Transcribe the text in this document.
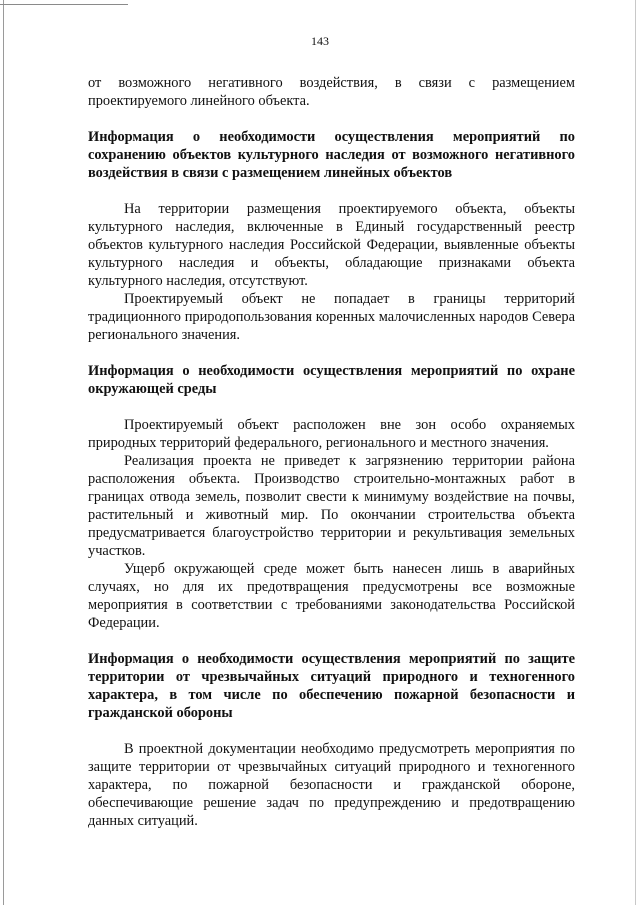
143

от возможного негативного воздействия, в связи с размещением проектируемого линейного объекта.

Информация о необходимости осуществления мероприятий по сохранению объектов культурного наследия от возможного негативного воздействия в связи с размещением линейных объектов

На территории размещения проектируемого объекта, объекты культурного наследия, включенные в Единый государственный реестр объектов культурного наследия Российской Федерации, выявленные объекты культурного наследия и объекты, обладающие признаками объекта культурного наследия, отсутствуют.

Проектируемый объект не попадает в границы территорий традиционного природопользования коренных малочисленных народов Севера регионального значения.

Информация о необходимости осуществления мероприятий по охране окружающей среды

Проектируемый объект расположен вне зон особо охраняемых природных территорий федерального, регионального и местного значения.

Реализация проекта не приведет к загрязнению территории района расположения объекта. Производство строительно-монтажных работ в границах отвода земель, позволит свести к минимуму воздействие на почвы, растительный и животный мир. По окончании строительства объекта предусматривается благоустройство территории и рекультивация земельных участков.

Ущерб окружающей среде может быть нанесен лишь в аварийных случаях, но для их предотвращения предусмотрены все возможные мероприятия в соответствии с требованиями законодательства Российской Федерации.

Информация о необходимости осуществления мероприятий по защите территории от чрезвычайных ситуаций природного и техногенного характера, в том числе по обеспечению пожарной безопасности и гражданской обороны

В проектной документации необходимо предусмотреть мероприятия по защите территории от чрезвычайных ситуаций природного и техногенного характера, по пожарной безопасности и гражданской обороне, обеспечивающие решение задач по предупреждению и предотвращению данных ситуаций.
